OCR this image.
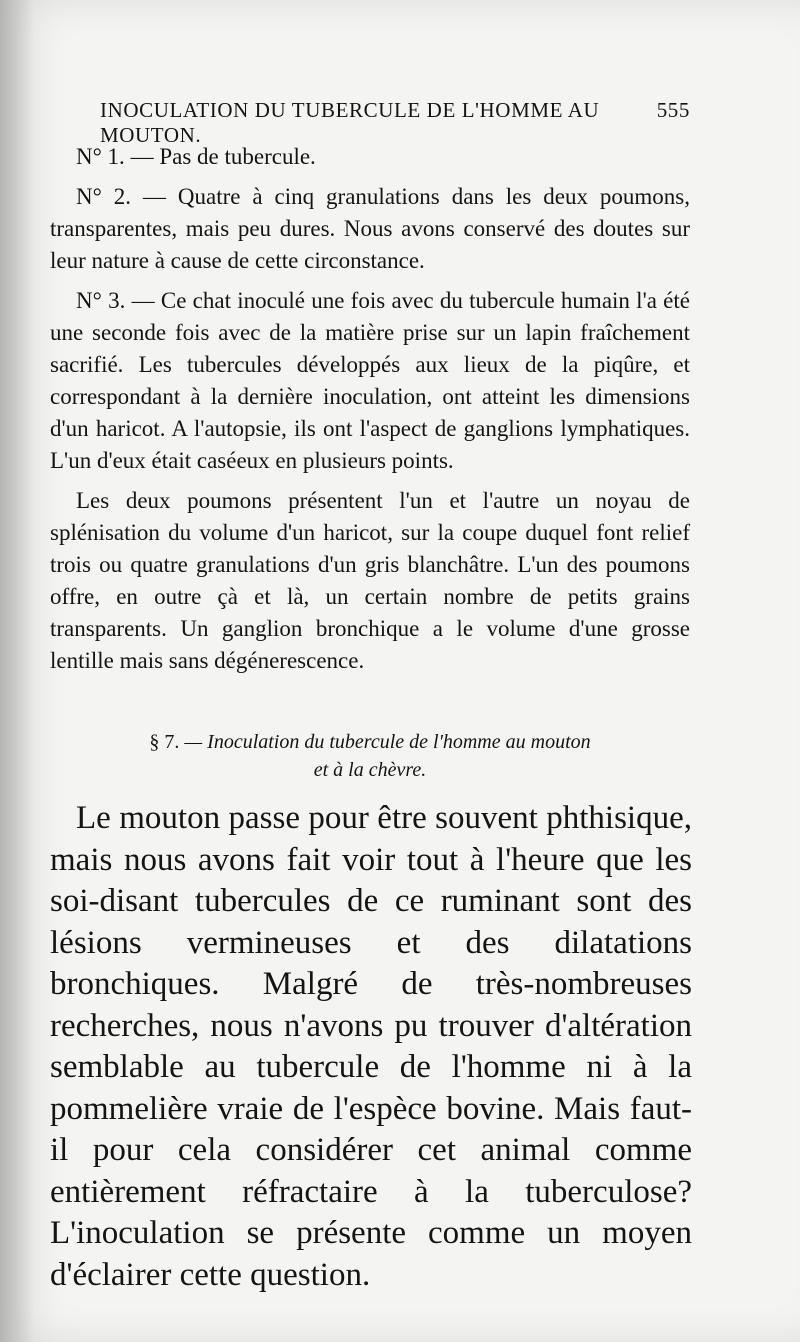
INOCULATION DU TUBERCULE DE L'HOMME AU MOUTON.
555

N° 1. — Pas de tubercule.

N° 2. — Quatre à cinq granulations dans les deux poumons, transparentes, mais peu dures. Nous avons conservé des doutes sur leur nature à cause de cette circonstance.

N° 3. — Ce chat inoculé une fois avec du tubercule humain l'a été une seconde fois avec de la matière prise sur un lapin fraîchement sacrifié. Les tubercules développés aux lieux de la piqûre, et correspondant à la dernière inoculation, ont atteint les dimensions d'un haricot. A l'autopsie, ils ont l'aspect de ganglions lymphatiques. L'un d'eux était caséeux en plusieurs points.

Les deux poumons présentent l'un et l'autre un noyau de splénisation du volume d'un haricot, sur la coupe duquel font relief trois ou quatre granulations d'un gris blanchâtre. L'un des poumons offre, en outre çà et là, un certain nombre de petits grains transparents. Un ganglion bronchique a le volume d'une grosse lentille mais sans dégénerescence.

§ 7. — Inoculation du tubercule de l'homme au mouton
et à la chèvre.

Le mouton passe pour être souvent phthisique, mais nous avons fait voir tout à l'heure que les soi-disant tubercules de ce ruminant sont des lésions vermineuses et des dilatations bronchiques. Malgré de très-nombreuses recherches, nous n'avons pu trouver d'altération semblable au tubercule de l'homme ni à la pommelière vraie de l'espèce bovine. Mais faut-il pour cela considérer cet animal comme entièrement réfractaire à la tuberculose? L'inoculation se présente comme un moyen d'éclairer cette question.
